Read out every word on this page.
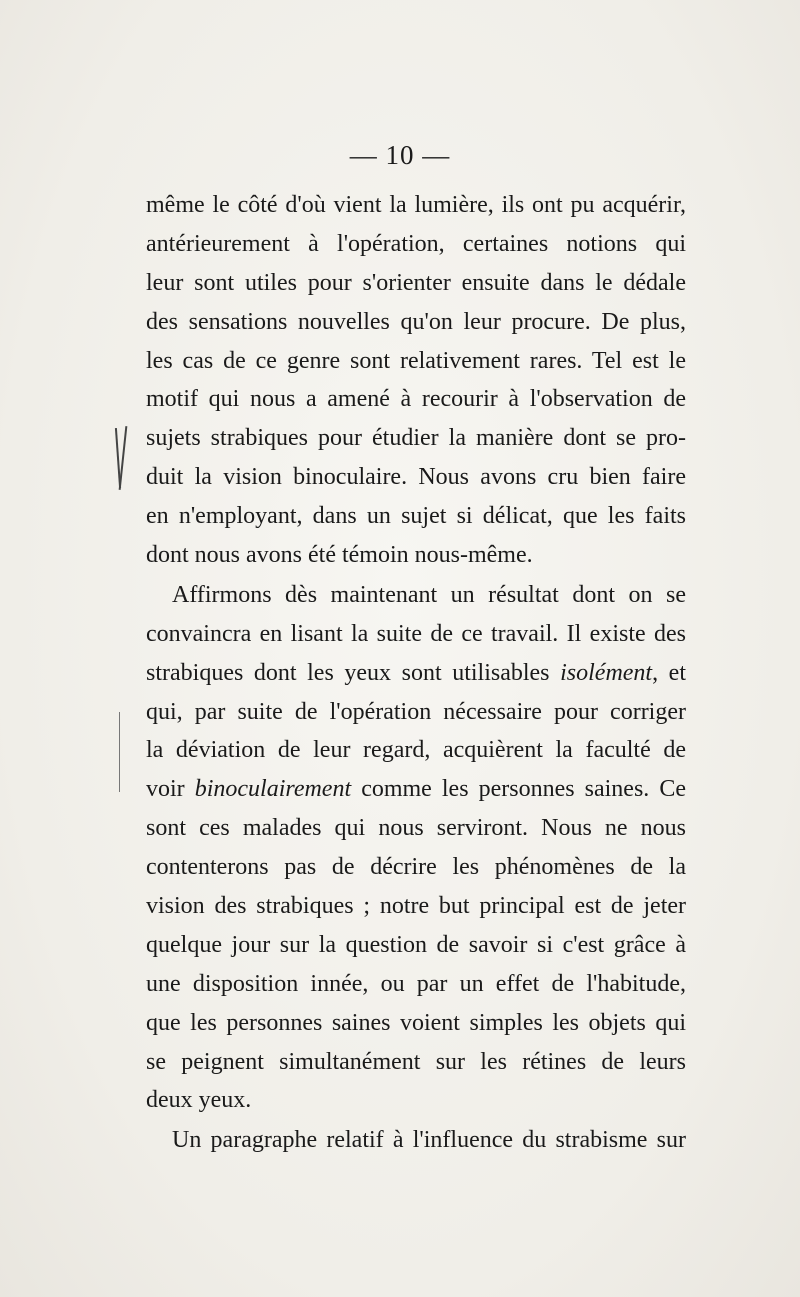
— 10 —
même le côté d'où vient la lumière, ils ont pu acquérir,
antérieurement à l'opération, certaines notions qui
leur sont utiles pour s'orienter ensuite dans le dédale
des sensations nouvelles qu'on leur procure. De plus,
les cas de ce genre sont relativement rares. Tel est le
motif qui nous a amené à recourir à l'observation de
sujets strabiques pour étudier la manière dont se pro-
duit la vision binoculaire. Nous avons cru bien faire
en n'employant, dans un sujet si délicat, que les faits
dont nous avons été témoin nous-même.
Affirmons dès maintenant un résultat dont on se
convaincra en lisant la suite de ce travail. Il existe des
strabiques dont les yeux sont utilisables isolément, et
qui, par suite de l'opération nécessaire pour corriger
la déviation de leur regard, acquièrent la faculté de
voir binoculairement comme les personnes saines. Ce
sont ces malades qui nous serviront. Nous ne nous
contenterons pas de décrire les phénomènes de la
vision des strabiques ; notre but principal est de jeter
quelque jour sur la question de savoir si c'est grâce à
une disposition innée, ou par un effet de l'habitude,
que les personnes saines voient simples les objets qui
se peignent simultanément sur les rétines de leurs
deux yeux.
Un paragraphe relatif à l'influence du strabisme sur
